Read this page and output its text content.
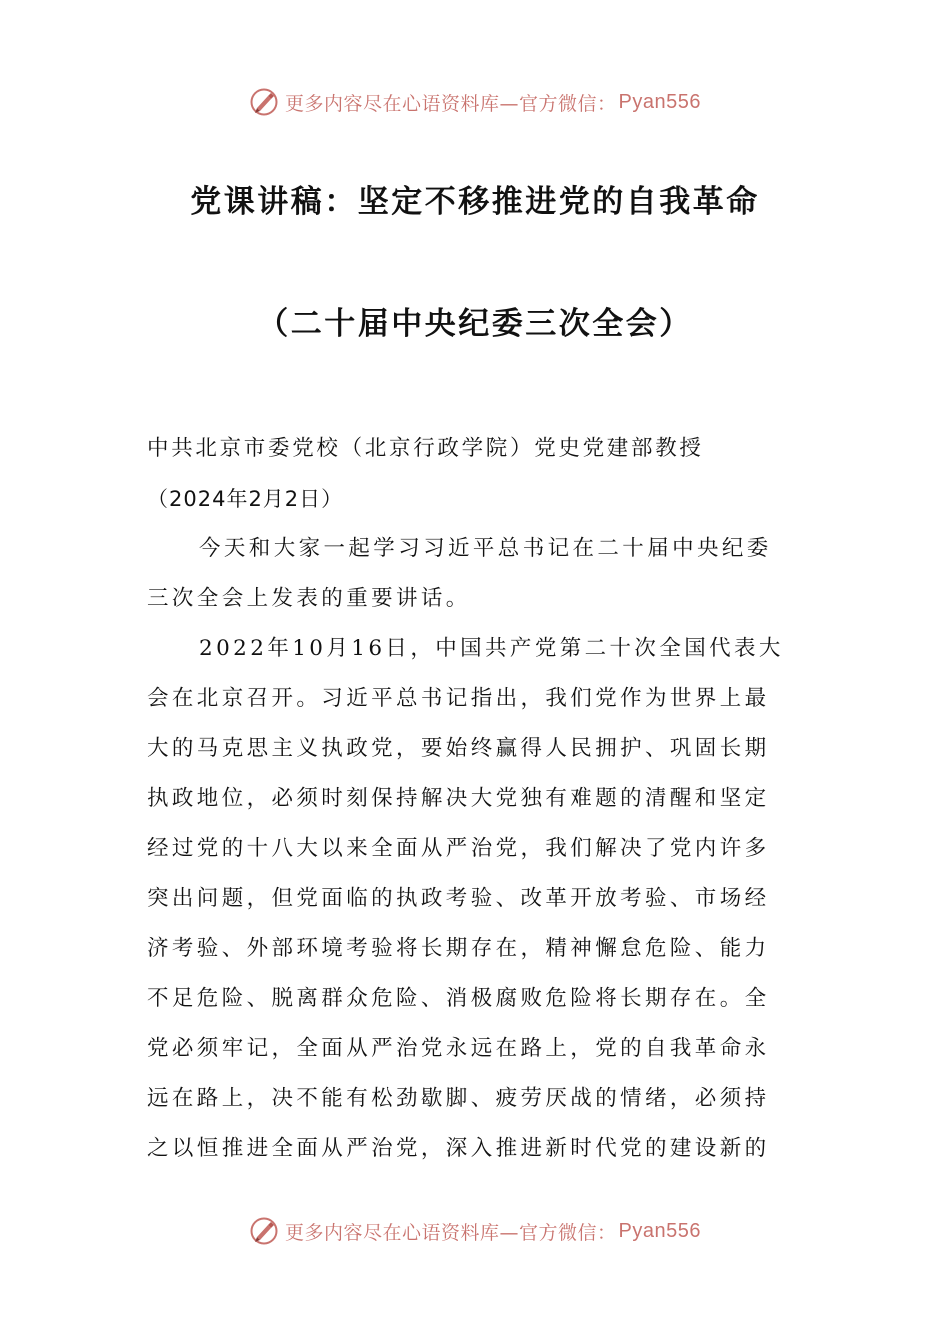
更多内容尽在心语资料库—官方微信： Pyan556
党课讲稿：坚定不移推进党的自我革命
（二十届中央纪委三次全会）
中共北京市委党校（北京行政学院）党史党建部教授
（2024年2月2日）
今天和大家一起学习习近平总书记在二十届中央纪委
三次全会上发表的重要讲话。
2022年10月16日，中国共产党第二十次全国代表大
会在北京召开。习近平总书记指出，我们党作为世界上最
大的马克思主义执政党，要始终赢得人民拥护、巩固长期
执政地位，必须时刻保持解决大党独有难题的清醒和坚定
经过党的十八大以来全面从严治党，我们解决了党内许多
突出问题，但党面临的执政考验、改革开放考验、市场经
济考验、外部环境考验将长期存在，精神懈怠危险、能力
不足危险、脱离群众危险、消极腐败危险将长期存在。全
党必须牢记，全面从严治党永远在路上，党的自我革命永
远在路上，决不能有松劲歇脚、疲劳厌战的情绪，必须持
之以恒推进全面从严治党，深入推进新时代党的建设新的
更多内容尽在心语资料库—官方微信： Pyan556
